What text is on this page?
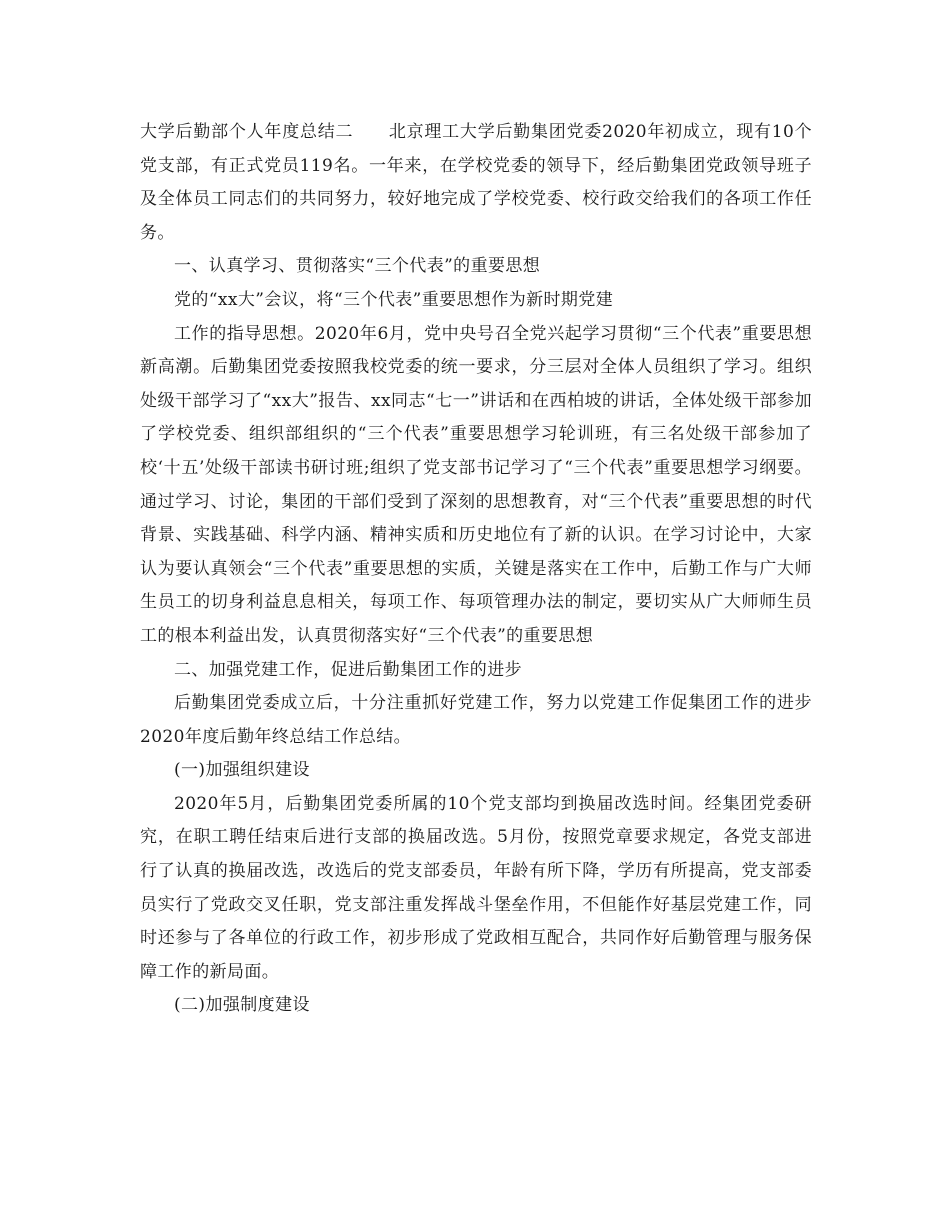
大学后勤部个人年度总结二　　北京理工大学后勤集团党委2020年初成立，现有10个党支部，有正式党员119名。一年来，在学校党委的领导下，经后勤集团党政领导班子及全体员工同志们的共同努力，较好地完成了学校党委、校行政交给我们的各项工作任务。

一、认真学习、贯彻落实“三个代表”的重要思想

党的“xx大”会议，将“三个代表”重要思想作为新时期党建

工作的指导思想。2020年6月，党中央号召全党兴起学习贯彻“三个代表”重要思想新高潮。后勤集团党委按照我校党委的统一要求，分三层对全体人员组织了学习。组织处级干部学习了“xx大”报告、xx同志“七一”讲话和在西柏坡的讲话，全体处级干部参加了学校党委、组织部组织的“三个代表”重要思想学习轮训班，有三名处级干部参加了校‘十五’处级干部读书研讨班;组织了党支部书记学习了“三个代表”重要思想学习纲要。通过学习、讨论，集团的干部们受到了深刻的思想教育，对“三个代表”重要思想的时代背景、实践基础、科学内涵、精神实质和历史地位有了新的认识。在学习讨论中，大家认为要认真领会“三个代表”重要思想的实质，关键是落实在工作中，后勤工作与广大师生员工的切身利益息息相关，每项工作、每项管理办法的制定，要切实从广大师师生员工的根本利益出发，认真贯彻落实好“三个代表”的重要思想

二、加强党建工作，促进后勤集团工作的进步

后勤集团党委成立后，十分注重抓好党建工作，努力以党建工作促集团工作的进步2020年度后勤年终总结工作总结。

(一)加强组织建设

2020年5月，后勤集团党委所属的10个党支部均到换届改选时间。经集团党委研究，在职工聘任结束后进行支部的换届改选。5月份，按照党章要求规定，各党支部进行了认真的换届改选，改选后的党支部委员，年龄有所下降，学历有所提高，党支部委员实行了党政交叉任职，党支部注重发挥战斗堡垒作用，不但能作好基层党建工作，同时还参与了各单位的行政工作，初步形成了党政相互配合，共同作好后勤管理与服务保障工作的新局面。

(二)加强制度建设
